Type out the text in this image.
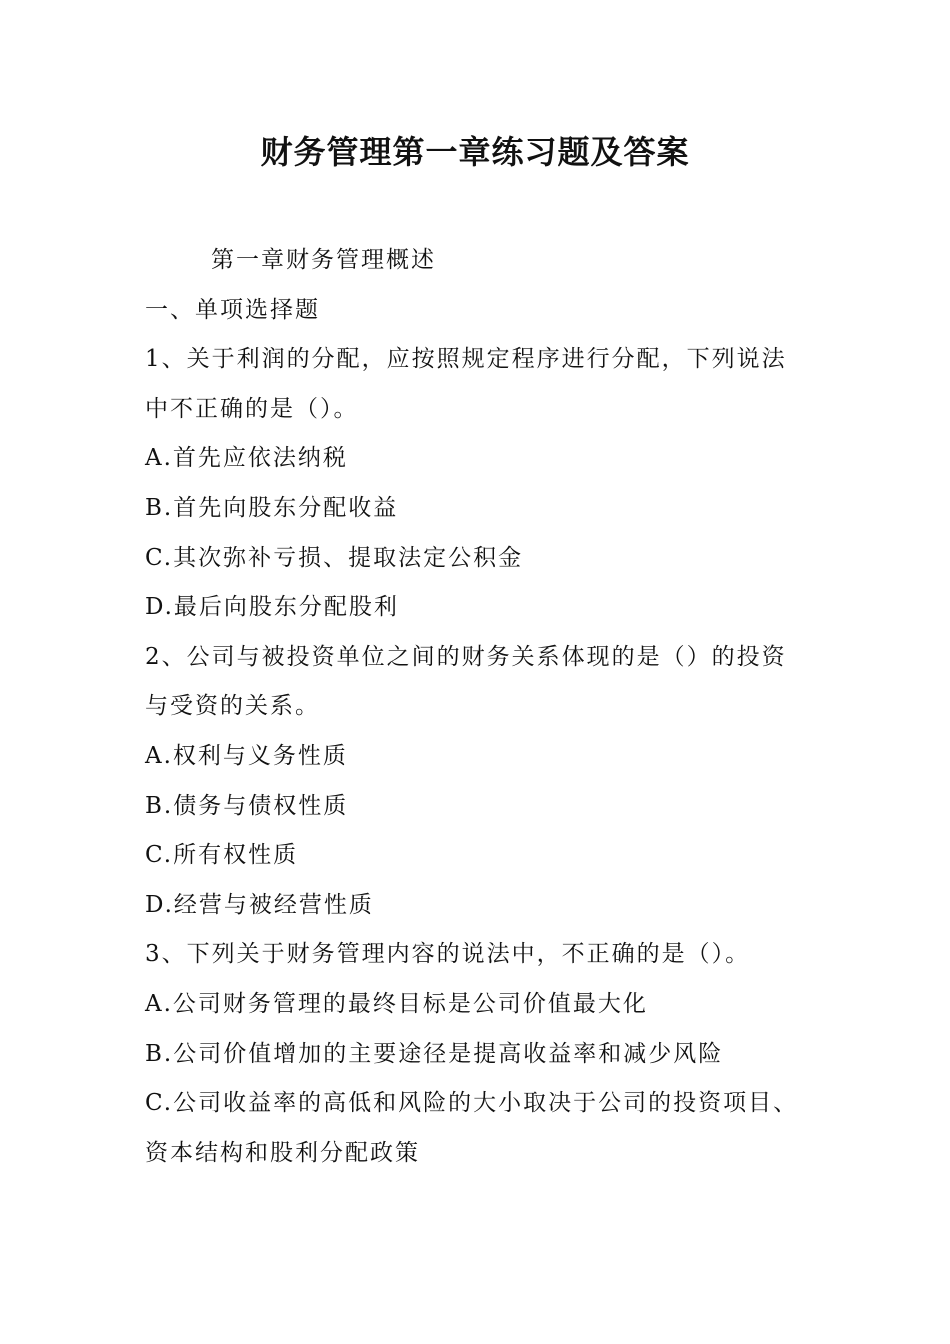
财务管理第一章练习题及答案

第一章财务管理概述

一、单项选择题

1、关于利润的分配，应按照规定程序进行分配，下列说法

中不正确的是（）。

A.首先应依法纳税

B.首先向股东分配收益

C.其次弥补亏损、提取法定公积金

D.最后向股东分配股利

2、公司与被投资单位之间的财务关系体现的是（）的投资

与受资的关系。

A.权利与义务性质

B.债务与债权性质

C.所有权性质

D.经营与被经营性质

3、下列关于财务管理内容的说法中，不正确的是（）。

A.公司财务管理的最终目标是公司价值最大化

B.公司价值增加的主要途径是提高收益率和减少风险

C.公司收益率的高低和风险的大小取决于公司的投资项目、

资本结构和股利分配政策
